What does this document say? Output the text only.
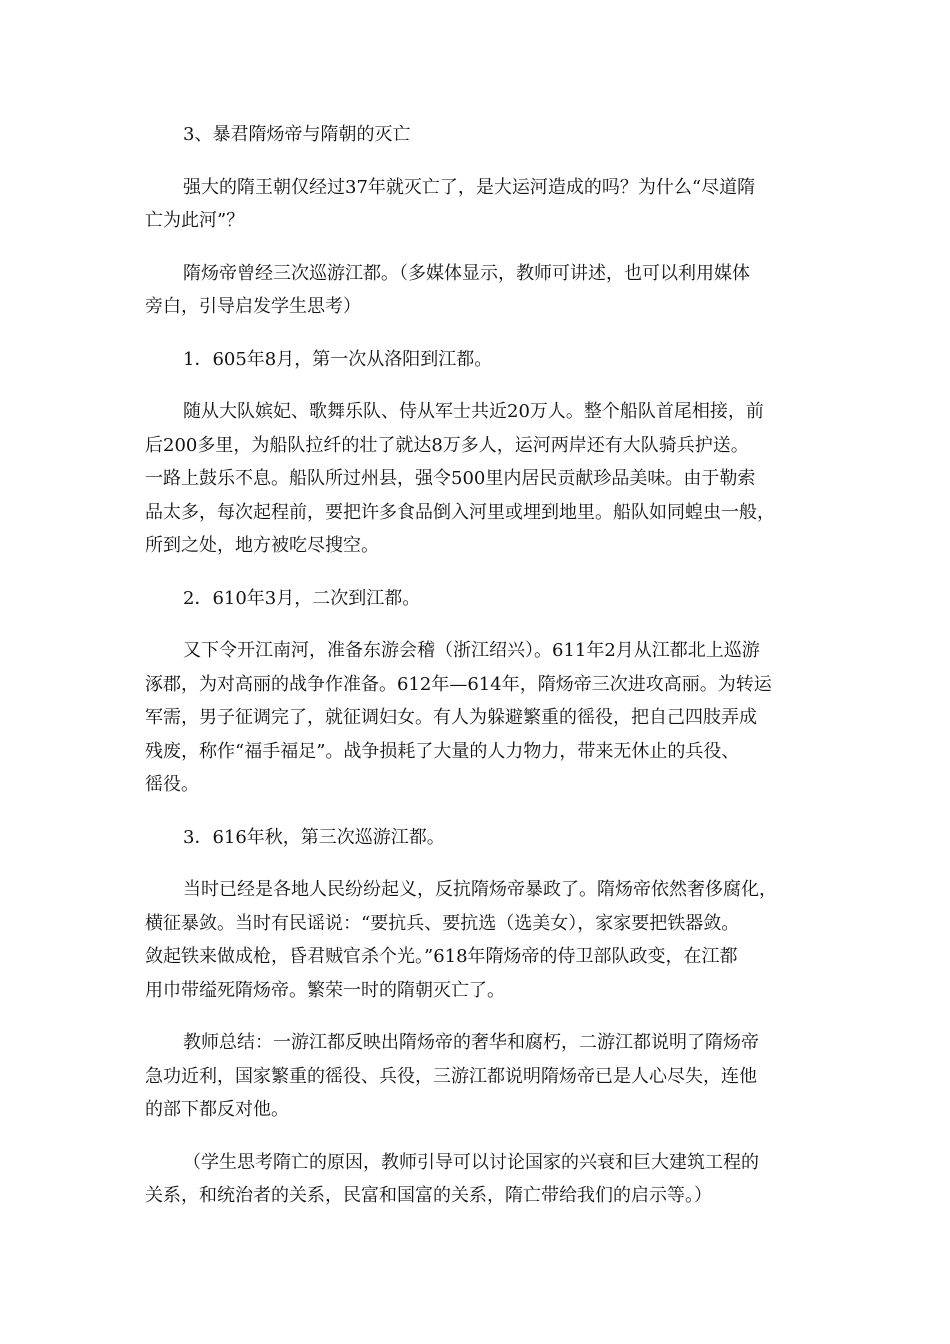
3、暴君隋炀帝与隋朝的灭亡

强大的隋王朝仅经过37年就灭亡了，是大运河造成的吗？为什么“尽道隋
亡为此河”？

隋炀帝曾经三次巡游江都。（多媒体显示，教师可讲述，也可以利用媒体
旁白，引导启发学生思考）

1．605年8月，第一次从洛阳到江都。

随从大队嫔妃、歌舞乐队、侍从军士共近20万人。整个船队首尾相接，前
后200多里，为船队拉纤的壮了就达8万多人，运河两岸还有大队骑兵护送。
一路上鼓乐不息。船队所过州县，强令500里内居民贡献珍品美味。由于勒索
品太多，每次起程前，要把许多食品倒入河里或埋到地里。船队如同蝗虫一般，
所到之处，地方被吃尽搜空。

2．610年3月，二次到江都。

又下令开江南河，准备东游会稽（浙江绍兴）。611年2月从江都北上巡游
涿郡，为对高丽的战争作准备。612年—614年，隋炀帝三次进攻高丽。为转运
军需，男子征调完了，就征调妇女。有人为躲避繁重的徭役，把自己四肢弄成
残废，称作“福手福足”。战争损耗了大量的人力物力，带来无休止的兵役、
徭役。

3．616年秋，第三次巡游江都。

当时已经是各地人民纷纷起义，反抗隋炀帝暴政了。隋炀帝依然奢侈腐化，
横征暴敛。当时有民谣说：“要抗兵、要抗选（选美女），家家要把铁器敛。
敛起铁来做成枪，昏君贼官杀个光。”618年隋炀帝的侍卫部队政变，在江都
用巾带缢死隋炀帝。繁荣一时的隋朝灭亡了。

教师总结：一游江都反映出隋炀帝的奢华和腐朽，二游江都说明了隋炀帝
急功近利，国家繁重的徭役、兵役，三游江都说明隋炀帝已是人心尽失，连他
的部下都反对他。

（学生思考隋亡的原因，教师引导可以讨论国家的兴衰和巨大建筑工程的
关系，和统治者的关系，民富和国富的关系，隋亡带给我们的启示等。）
